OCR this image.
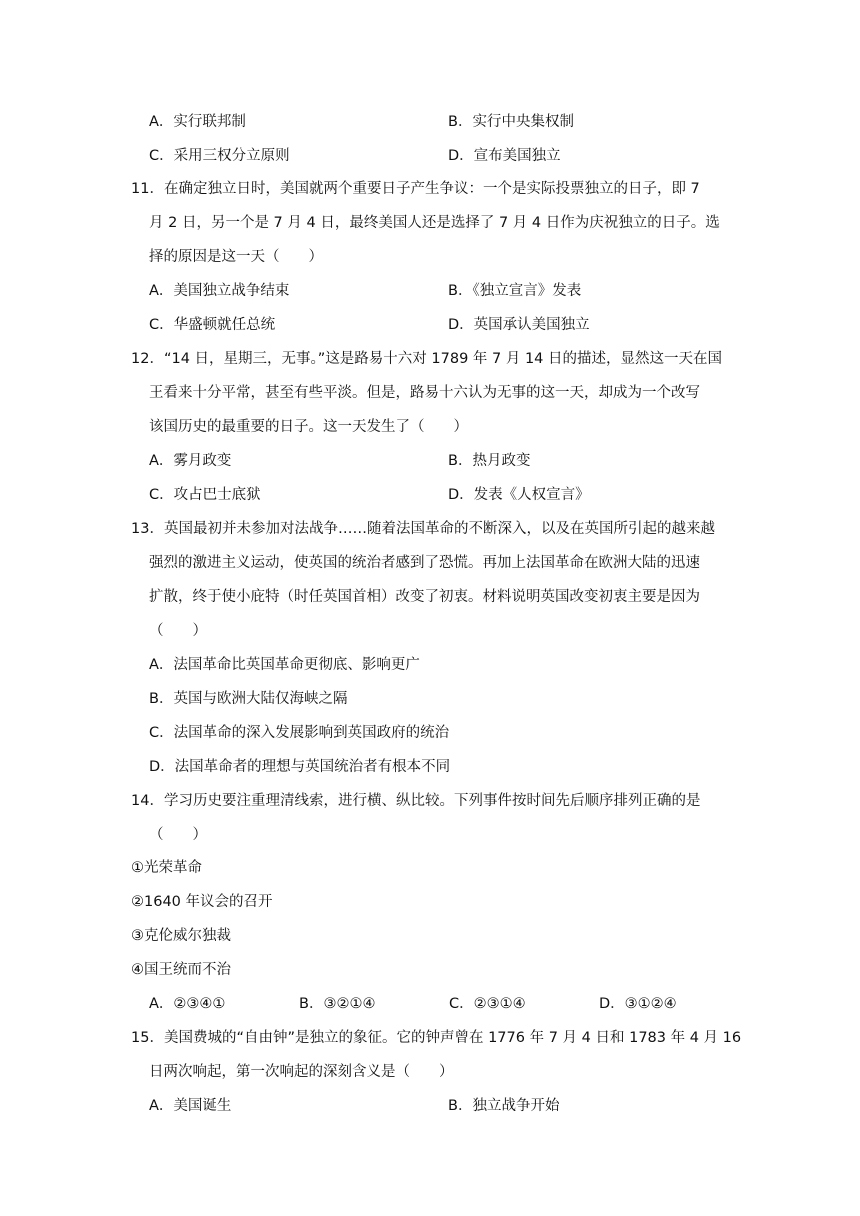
A．实行联邦制	B．实行中央集权制
C．采用三权分立原则	D．宣布美国独立
11．在确定独立日时，美国就两个重要日子产生争议：一个是实际投票独立的日子，即 7
月 2 日，另一个是 7 月 4 日，最终美国人还是选择了 7 月 4 日作为庆祝独立的日子。选
择的原因是这一天（　　）
A．美国独立战争结束	B．《独立宣言》发表
C．华盛顿就任总统	D．英国承认美国独立
12．“14 日，星期三，无事。”这是路易十六对 1789 年 7 月 14 日的描述，显然这一天在国
王看来十分平常，甚至有些平淡。但是，路易十六认为无事的这一天，却成为一个改写
该国历史的最重要的日子。这一天发生了（　　）
A．雾月政变	B．热月政变
C．攻占巴士底狱	D．发表《人权宣言》
13．英国最初并未参加对法战争……随着法国革命的不断深入，以及在英国所引起的越来越
强烈的激进主义运动，使英国的统治者感到了恐慌。再加上法国革命在欧洲大陆的迅速
扩散，终于使小庇特（时任英国首相）改变了初衷。材料说明英国改变初衷主要是因为
（　　）
A．法国革命比英国革命更彻底、影响更广
B．英国与欧洲大陆仅海峡之隔
C．法国革命的深入发展影响到英国政府的统治
D．法国革命者的理想与英国统治者有根本不同
14．学习历史要注重理清线索，进行横、纵比较。下列事件按时间先后顺序排列正确的是
（　　）
①光荣革命
②1640 年议会的召开
③克伦威尔独裁
④国王统而不治
A．②③④①	B．③②①④	C．②③①④	D．③①②④
15．美国费城的“自由钟”是独立的象征。它的钟声曾在 1776 年 7 月 4 日和 1783 年 4 月 16
日两次响起，第一次响起的深刻含义是（　　）
A．美国诞生	B．独立战争开始
